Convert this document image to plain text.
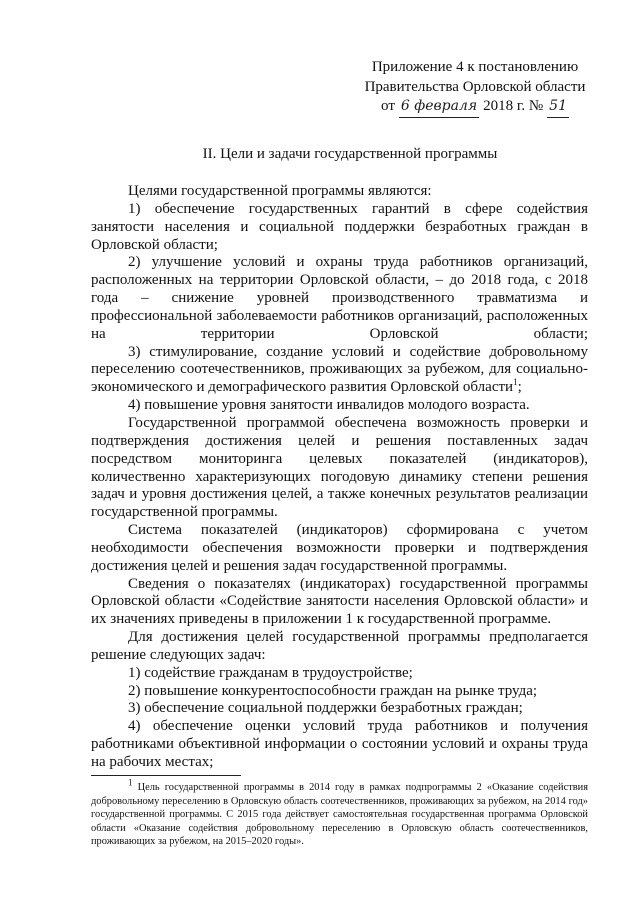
Приложение 4 к постановлению
Правительства Орловской области
от 6 февраля 2018 г. № 51
II. Цели и задачи государственной программы

Целями государственной программы являются:

1) обеспечение государственных гарантий в сфере содействия занятости населения и социальной поддержки безработных граждан в Орловской области;

2) улучшение условий и охраны труда работников организаций, расположенных на территории Орловской области, – до 2018 года, с 2018 года – снижение уровней производственного травматизма и профессиональной заболеваемости работников организаций, расположенных на территории Орловской области;

3) стимулирование, создание условий и содействие добровольному переселению соотечественников, проживающих за рубежом, для социально-экономического и демографического развития Орловской области$^1$;

4) повышение уровня занятости инвалидов молодого возраста.

Государственной программой обеспечена возможность проверки и подтверждения достижения целей и решения поставленных задач посредством мониторинга целевых показателей (индикаторов), количественно характеризующих погодовую динамику степени решения задач и уровня достижения целей, а также конечных результатов реализации государственной программы.

Система показателей (индикаторов) сформирована с учетом необходимости обеспечения возможности проверки и подтверждения достижения целей и решения задач государственной программы.

Сведения о показателях (индикаторах) государственной программы Орловской области «Содействие занятости населения Орловской области» и их значениях приведены в приложении 1 к государственной программе.

Для достижения целей государственной программы предполагается решение следующих задач:

1) содействие гражданам в трудоустройстве;

2) повышение конкурентоспособности граждан на рынке труда;

3) обеспечение социальной поддержки безработных граждан;

4) обеспечение оценки условий труда работников и получения работниками объективной информации о состоянии условий и охраны труда на рабочих местах;

$^1$ Цель государственной программы в 2014 году в рамках подпрограммы 2 «Оказание содействия добровольному переселению в Орловскую область соотечественников, проживающих за рубежом, на 2014 год» государственной программы. С 2015 года действует самостоятельная государственная программа Орловской области «Оказание содействия добровольному переселению в Орловскую область соотечественников, проживающих за рубежом, на 2015–2020 годы».
